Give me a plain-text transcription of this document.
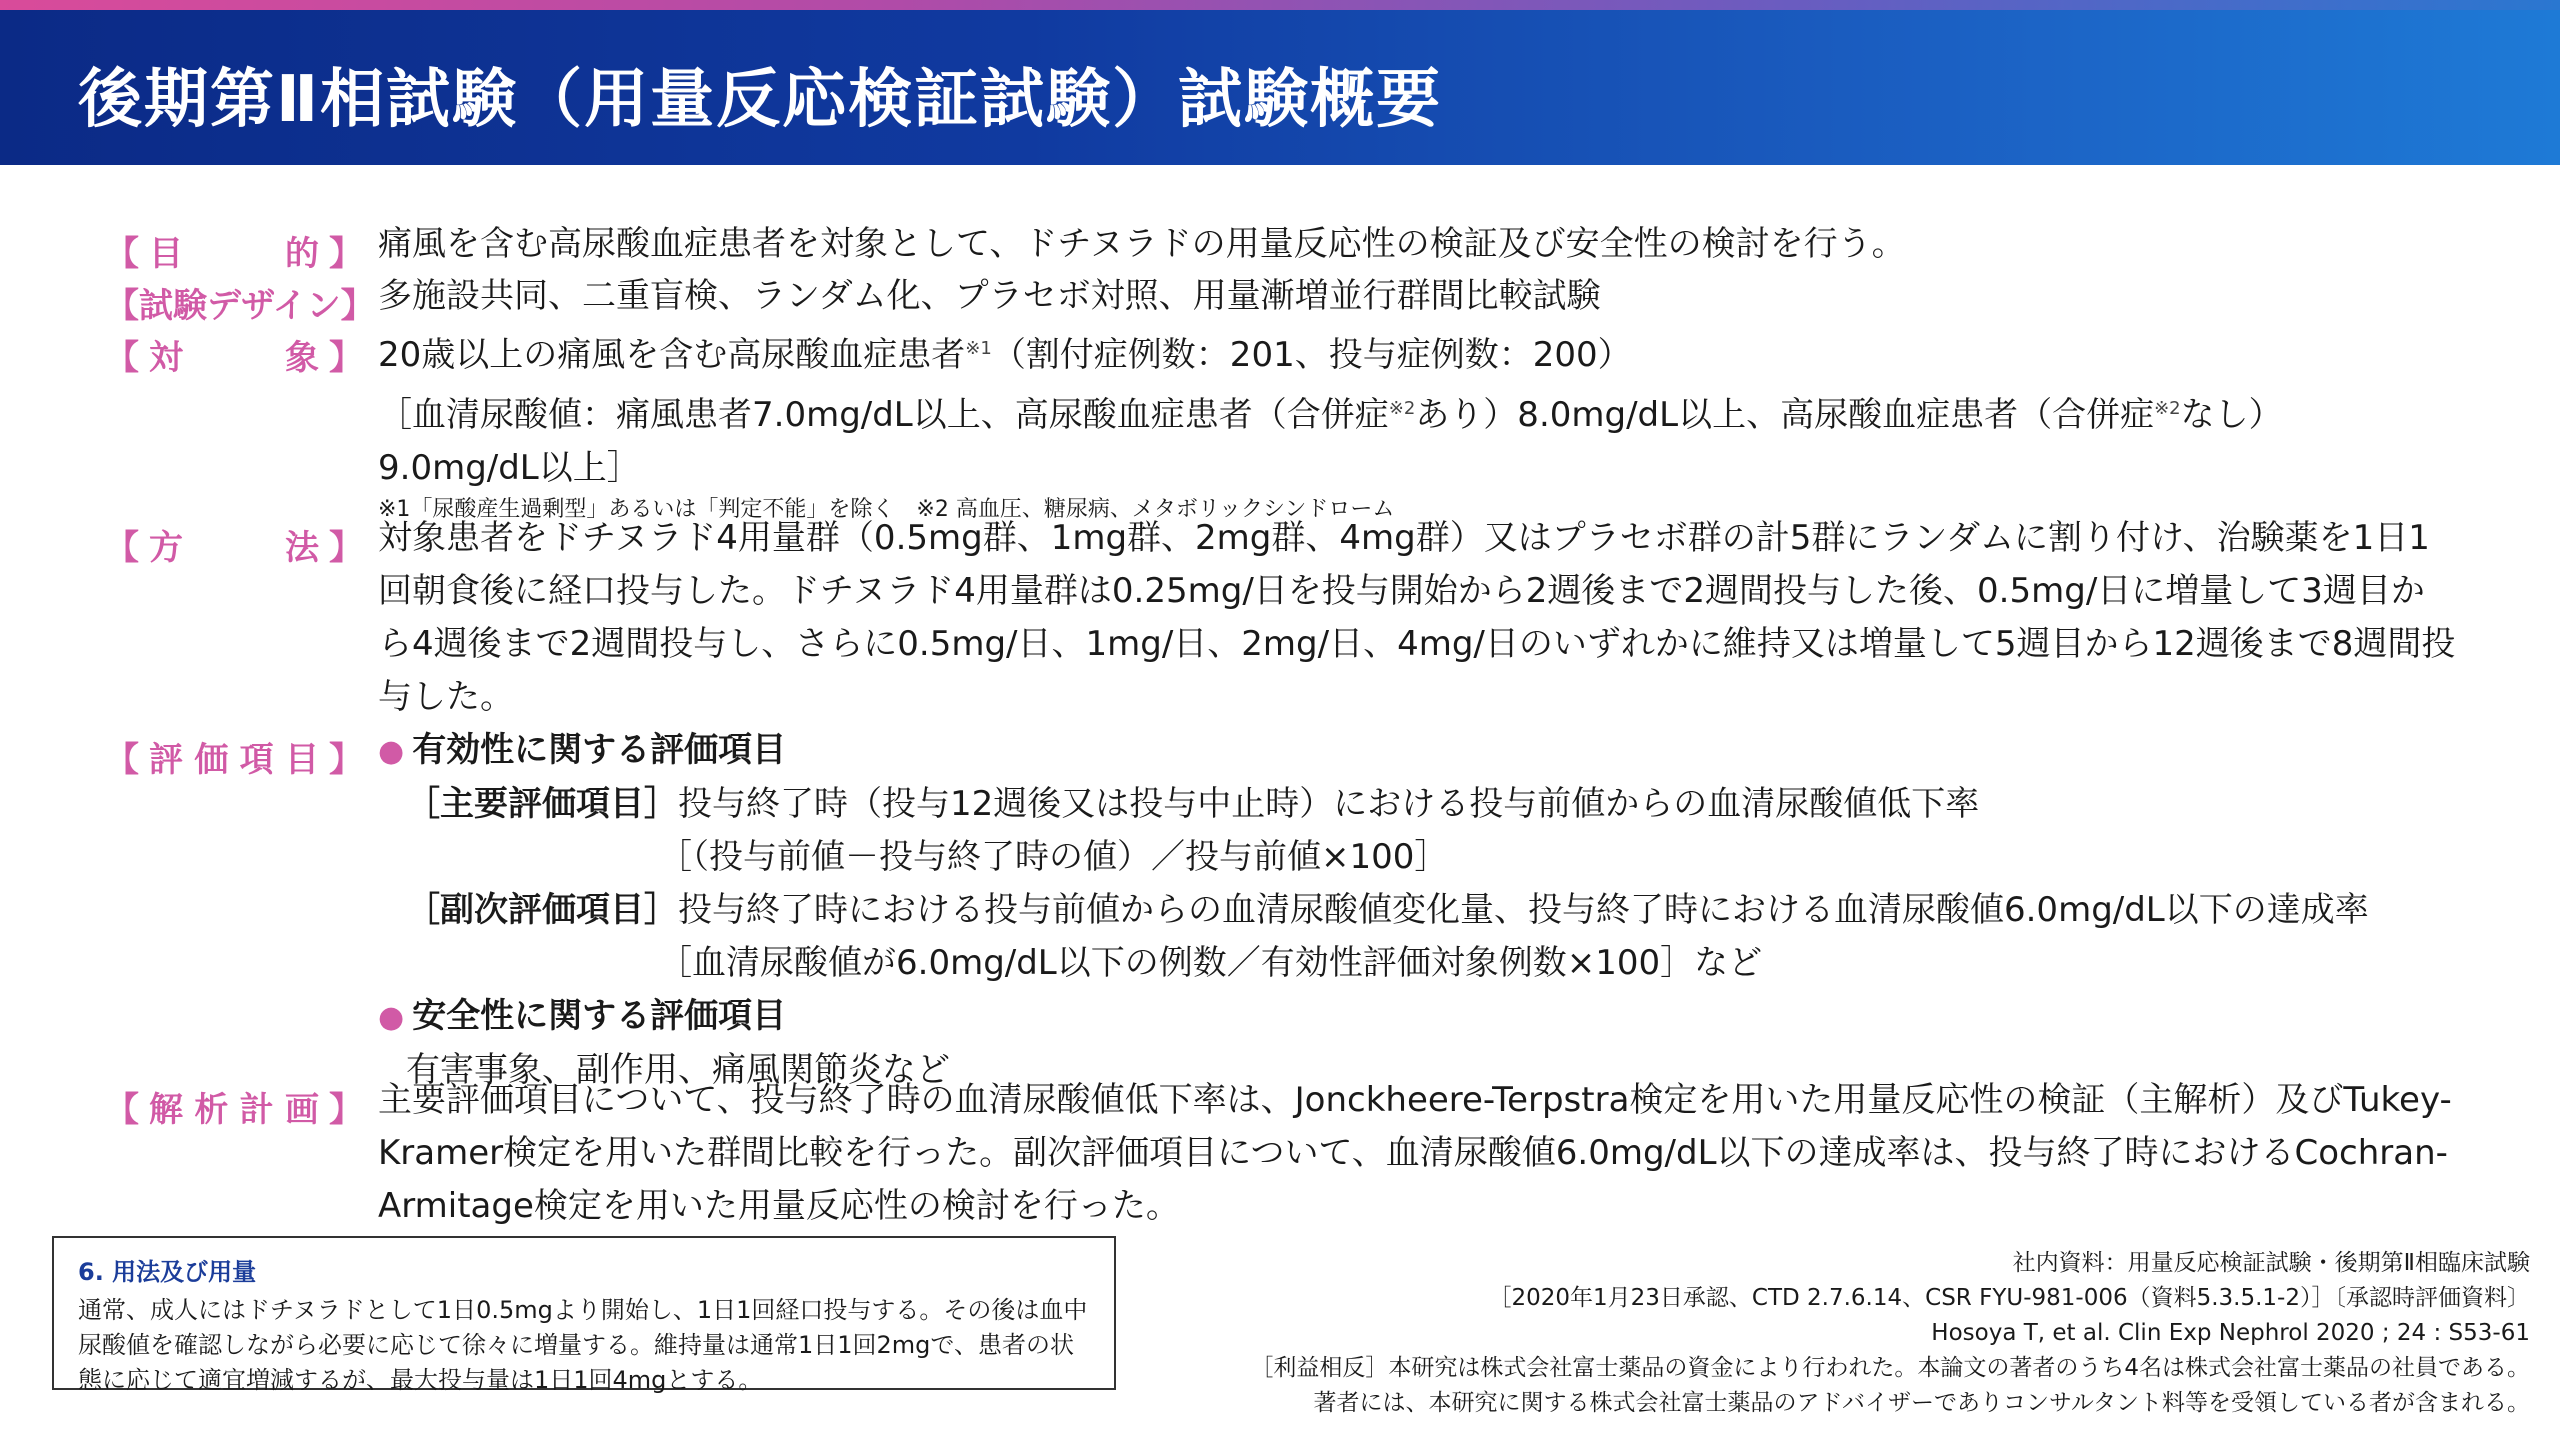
後期第Ⅱ相試験（用量反応検証試験）試験概要
【 目	的 】 痛風を含む高尿酸血症患者を対象として、ドチヌラドの用量反応性の検証及び安全性の検討を行う。
【試験デザイン】 多施設共同、二重盲検、ランダム化、プラセボ対照、用量漸増並行群間比較試験
【 対	象 】 20歳以上の痛風を含む高尿酸血症患者$^{※1}$（割付症例数：201、投与症例数：200）
［血清尿酸値：痛風患者7.0mg/dL以上、高尿酸血症患者（合併症$^{※2}$あり）8.0mg/dL以上、高尿酸血症患者（合併症$^{※2}$なし）
9.0mg/dL以上］
※1「尿酸産生過剰型」あるいは「判定不能」を除く　※2 高血圧、糖尿病、メタボリックシンドローム
【 方	法 】 対象患者をドチヌラド4用量群（0.5mg群、1mg群、2mg群、4mg群）又はプラセボ群の計5群にランダムに割り付け、治験薬を1日1回朝食後に経口投与した。ドチヌラド4用量群は0.25mg/日を投与開始から2週後まで2週間投与した後、0.5mg/日に増量して3週目から4週後まで2週間投与し、さらに0.5mg/日、1mg/日、2mg/日、4mg/日のいずれかに維持又は増量して5週目から12週後まで8週間投与した。
【 評 価 項 目 】 ● 有効性に関する評価項目
［主要評価項目］投与終了時（投与12週後又は投与中止時）における投与前値からの血清尿酸値低下率
［（投与前値－投与終了時の値）／投与前値×100］
［副次評価項目］投与終了時における投与前値からの血清尿酸値変化量、投与終了時における血清尿酸値6.0mg/dL以下の達成率
［血清尿酸値が6.0mg/dL以下の例数／有効性評価対象例数×100］など
● 安全性に関する評価項目
有害事象、副作用、痛風関節炎など
【 解 析 計 画 】 主要評価項目について、投与終了時の血清尿酸値低下率は、Jonckheere-Terpstra検定を用いた用量反応性の検証（主解析）及びTukey-Kramer検定を用いた群間比較を行った。副次評価項目について、血清尿酸値6.0mg/dL以下の達成率は、投与終了時におけるCochran-Armitage検定を用いた用量反応性の検討を行った。
6. 用法及び用量
通常、成人にはドチヌラドとして1日0.5mgより開始し、1日1回経口投与する。その後は血中尿酸値を確認しながら必要に応じて徐々に増量する。維持量は通常1日1回2mgで、患者の状態に応じて適宜増減するが、最大投与量は1日1回4mgとする。
社内資料：用量反応検証試験・後期第Ⅱ相臨床試験
［2020年1月23日承認、CTD 2.7.6.14、CSR FYU-981-006（資料5.3.5.1-2）］〔承認時評価資料〕
Hosoya T, et al. Clin Exp Nephrol 2020 ; 24 : S53-61
［利益相反］本研究は株式会社富士薬品の資金により行われた。本論文の著者のうち4名は株式会社富士薬品の社員である。
著者には、本研究に関する株式会社富士薬品のアドバイザーでありコンサルタント料等を受領している者が含まれる。
